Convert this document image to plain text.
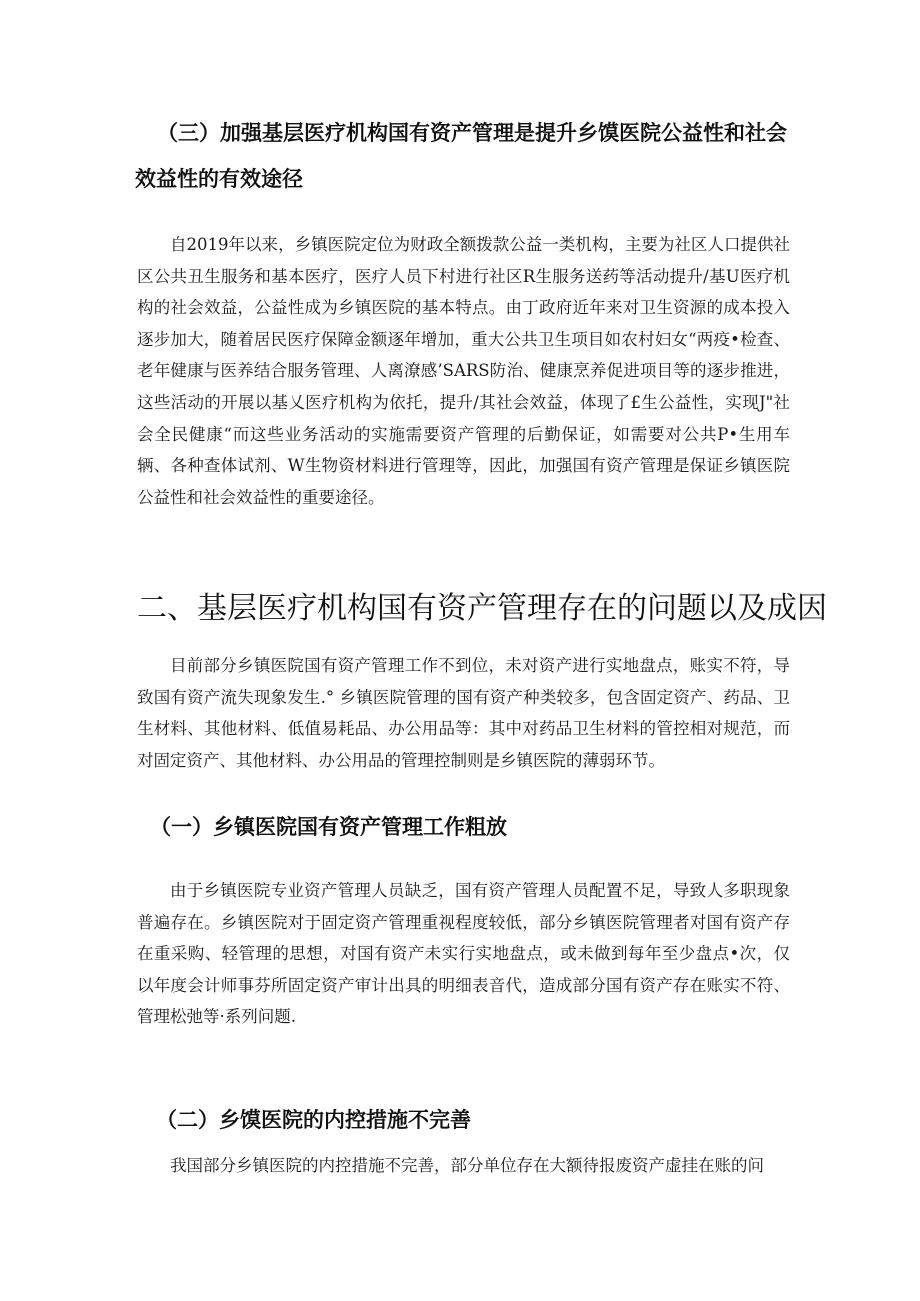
（三）加强基层医疗机构国有资产管理是提升乡馍医院公益性和社会效益性的有效途径

自2019年以来，乡镇医院定位为财政全额拨款公益一类机构，主要为社区人口提供社区公共丑生服务和基本医疗，医疗人员下村进行社区R生服务送药等活动提升/基U医疗机构的社会效益，公益性成为乡镇医院的基本特点。由丁政府近年来对卫生资源的成本投入逐步加大，随着居民医疗保障金额逐年增加，重大公共卫生项目如农村妇女“两疫•检查、老年健康与医养结合服务管理、人离潦感’SARS防治、健康烹养促进项目等的逐步推进，这些活动的开展以基乂医疗机构为依托，提升/其社会效益，体现了£生公益性，实现J"社会全民健康“而这些业务活动的实施需要资产管理的后勤保证，如需要对公共P•生用车辆、各种查体试剂、W生物资材料进行管理等，因此，加强国有资产管理是保证乡镇医院公益性和社会效益性的重要途径。

二、基层医疗机构国有资产管理存在的问题以及成因

目前部分乡镇医院国有资产管理工作不到位，未对资产进行实地盘点，账实不符，导致国有资产流失现象发生.° 乡镇医院管理的国有资产种类较多，包含固定资产、药品、卫生材料、其他材料、低值易耗品、办公用品等：其中对药品卫生材料的管控相对规范，而对固定资产、其他材料、办公用品的管理控制则是乡镇医院的薄弱环节。

（一）乡镇医院国有资产管理工作粗放

由于乡镇医院专业资产管理人员缺乏，国有资产管理人员配置不足，导致人多职现象普遍存在。乡镇医院对于固定资产管理重视程度较低，部分乡镇医院管理者对国有资产存在重采购、轻管理的思想，对国有资产未实行实地盘点，或未做到每年至少盘点•次，仅以年度会计师事芬所固定资产审计出具的明细表音代，造成部分国有资产存在账实不符、管理松弛等·系列问题.

（二）乡馍医院的内控措施不完善

我国部分乡镇医院的内控措施不完善，部分单位存在大额待报废资产虚挂在账的问
